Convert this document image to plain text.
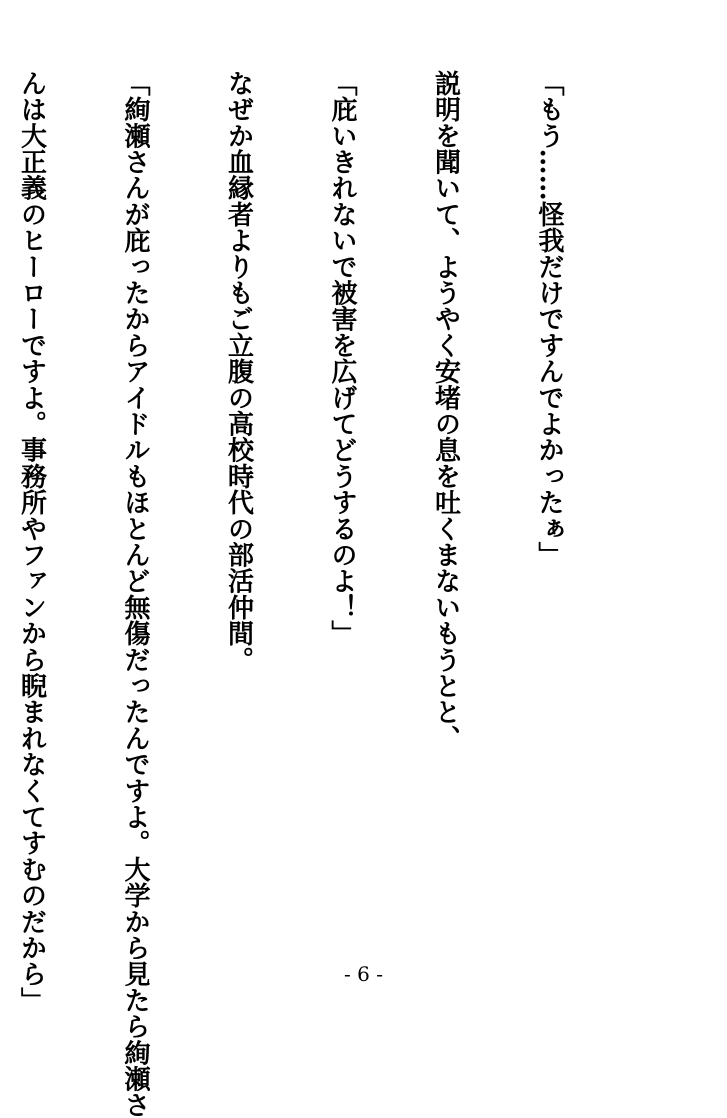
「もう……怪我だけですんでよかったぁ」

説明を聞いて、ようやく安堵の息を吐くまないもうとと、

「庇いきれないで被害を広げてどうするのよ！」

なぜか血縁者よりもご立腹の高校時代の部活仲間。

「絢瀬さんが庇ったからアイドルもほとんど無傷だったんですよ。大学から見たら絢瀬さ

んは大正義のヒーローですよ。事務所やファンから睨まれなくてすむのだから」

	- 6 -
